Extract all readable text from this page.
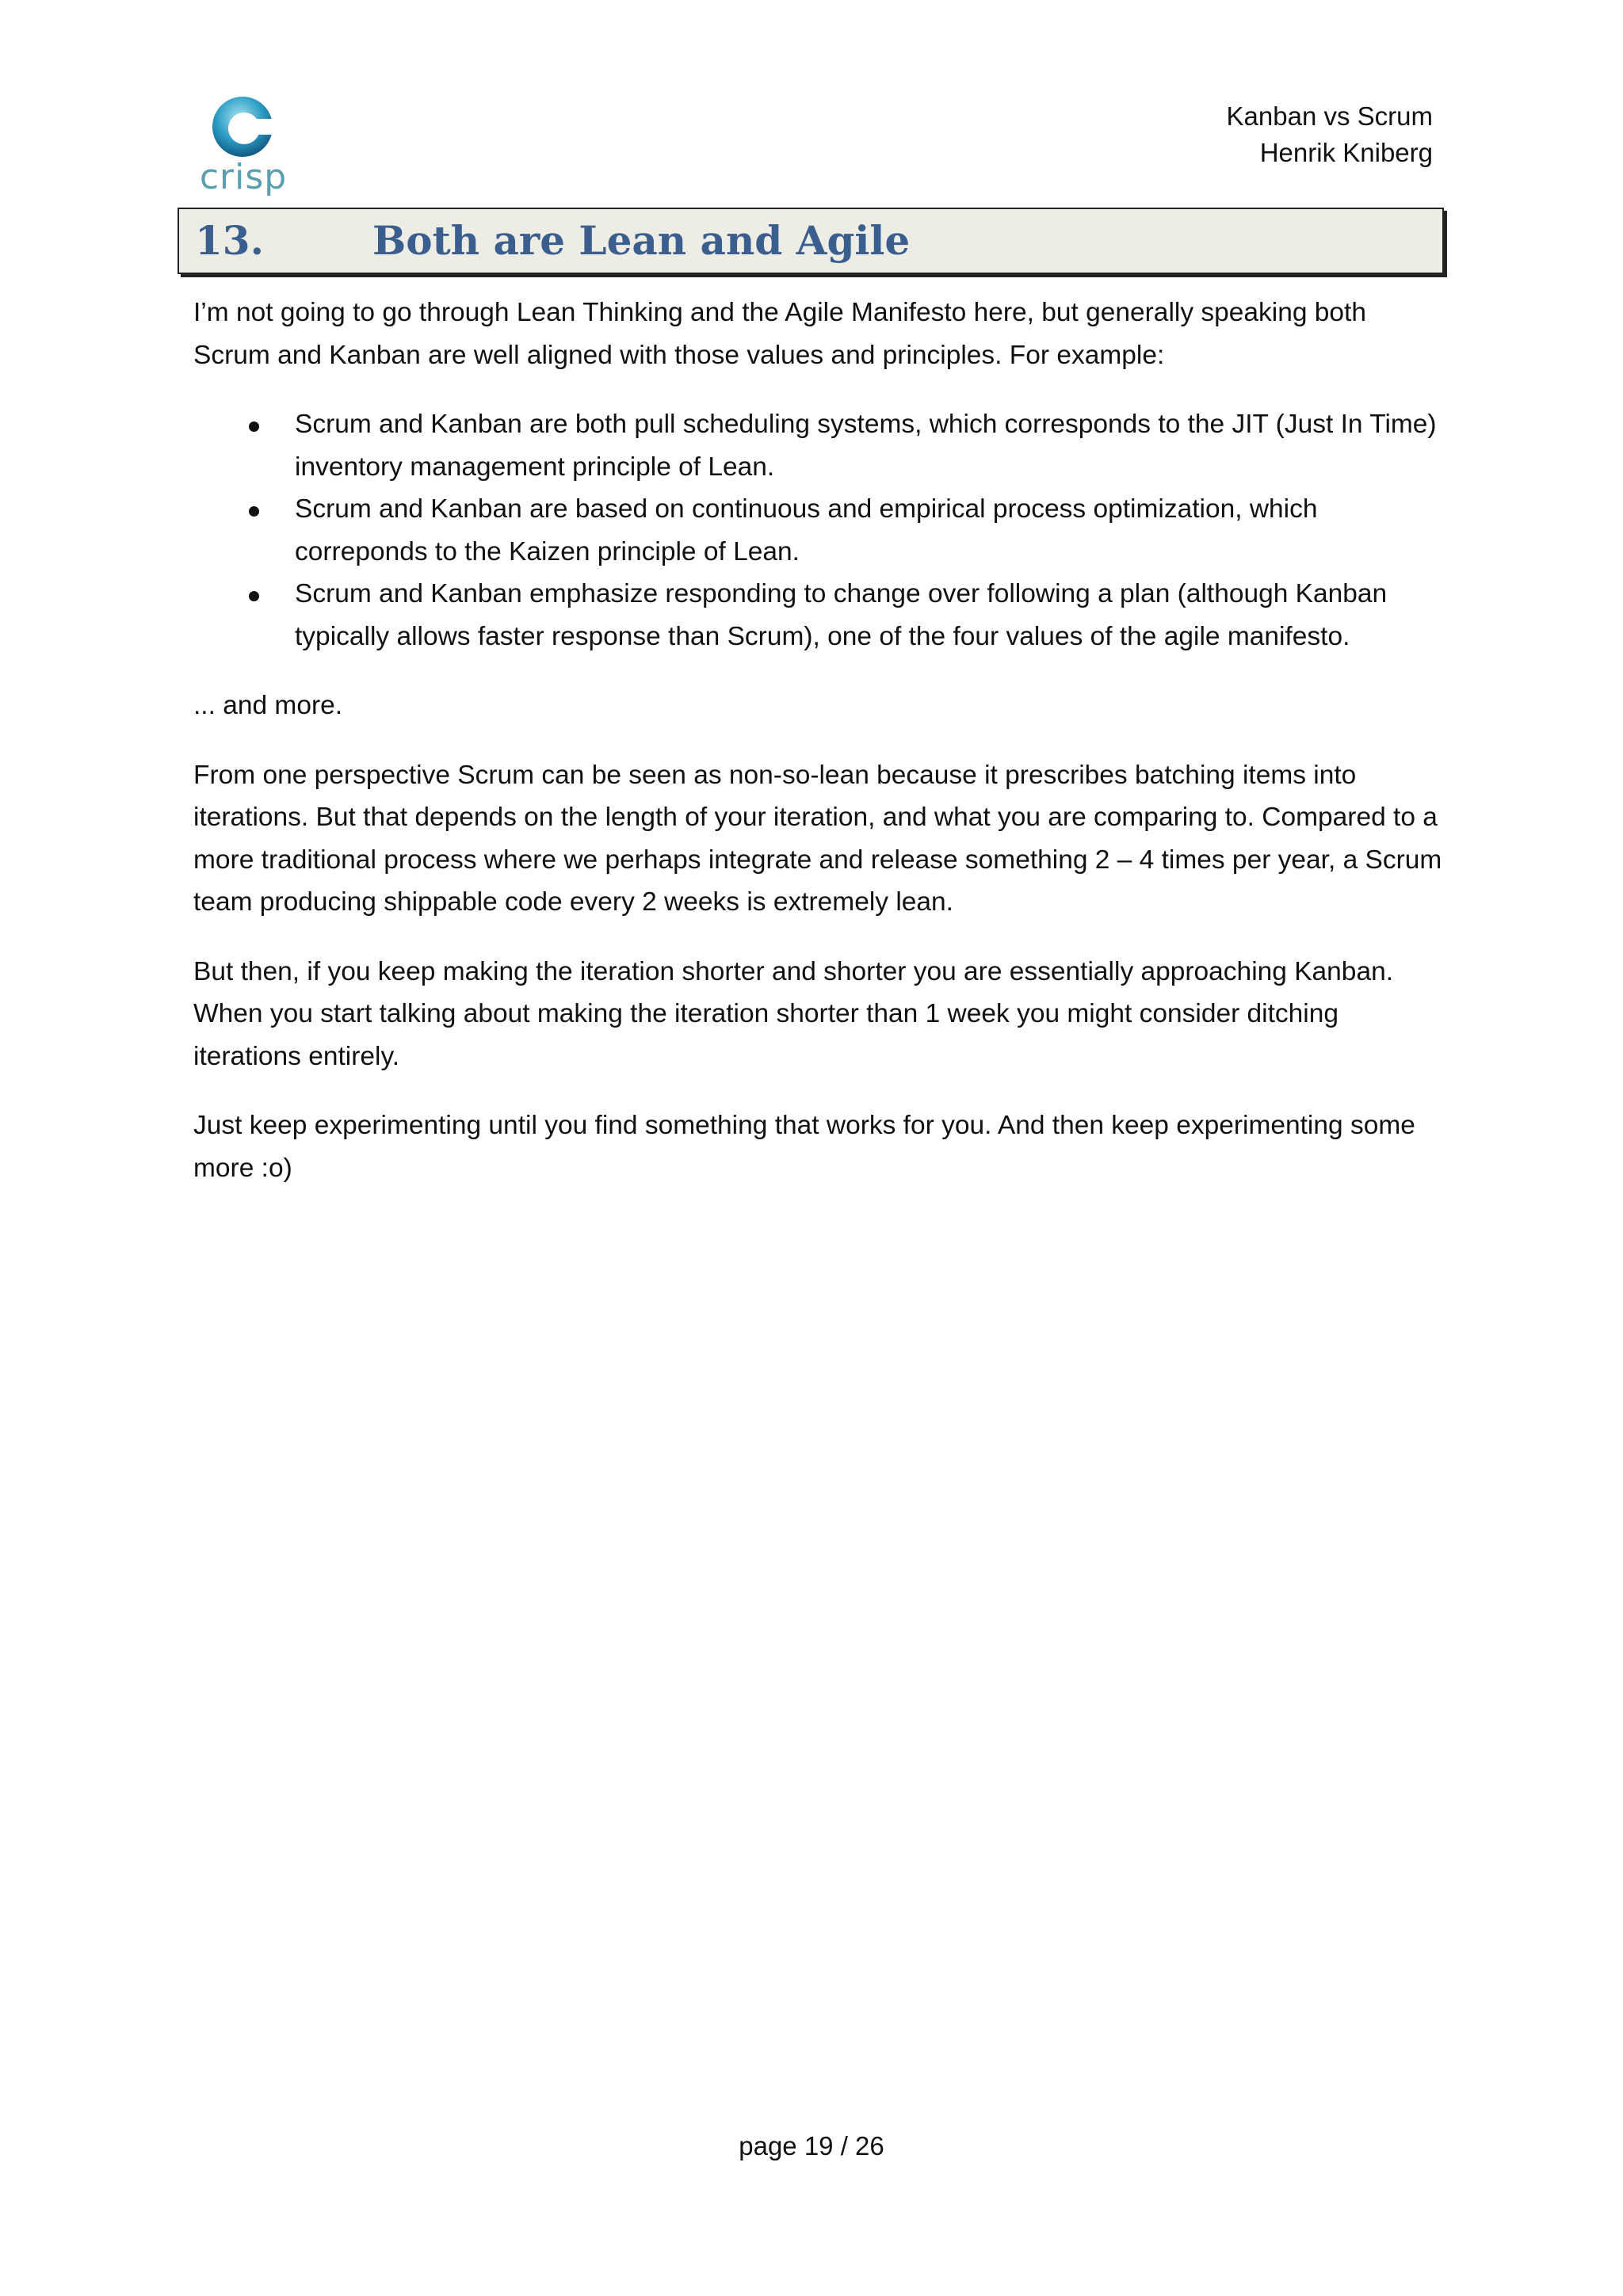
crisp
Kanban vs Scrum
Henrik Kniberg
13.	Both are Lean and Agile

I’m not going to go through Lean Thinking and the Agile Manifesto here, but generally speaking both Scrum and Kanban are well aligned with those values and principles. For example:

Scrum and Kanban are both pull scheduling systems, which corresponds to the JIT (Just In Time) inventory management principle of Lean.
Scrum and Kanban are based on continuous and empirical process optimization, which correponds to the Kaizen principle of Lean.
Scrum and Kanban emphasize responding to change over following a plan (although Kanban typically allows faster response than Scrum), one of the four values of the agile manifesto.

... and more.

From one perspective Scrum can be seen as non-so-lean because it prescribes batching items into iterations. But that depends on the length of your iteration, and what you are comparing to. Compared to a more traditional process where we perhaps integrate and release something 2 – 4 times per year, a Scrum team producing shippable code every 2 weeks is extremely lean.

But then, if you keep making the iteration shorter and shorter you are essentially approaching Kanban. When you start talking about making the iteration shorter than 1 week you might consider ditching iterations entirely.

Just keep experimenting until you find something that works for you. And then keep experimenting some more :o)

page 19 / 26
